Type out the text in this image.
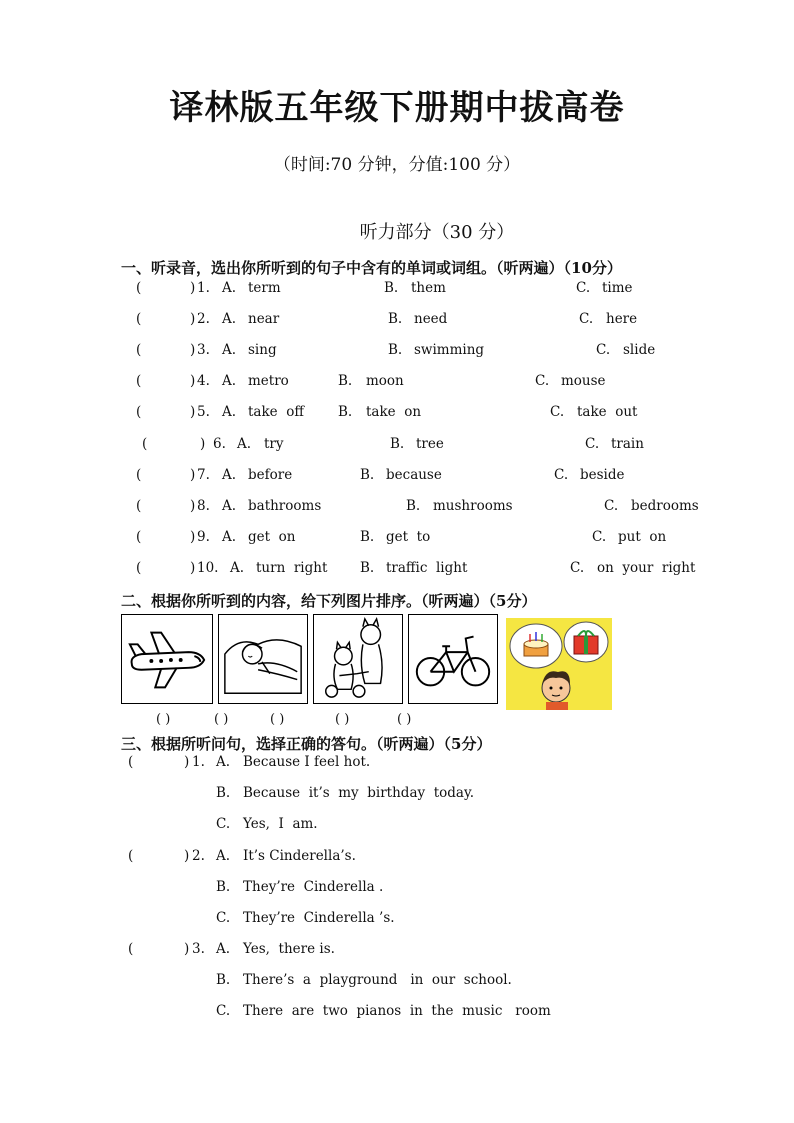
译林版五年级下册期中拔高卷
（时间:70 分钟，分值:100 分）
听力部分（30 分）
一、听录音，选出你所听到的句子中含有的单词或词组。（听两遍）（10分）
(	) 1. A. term	B. them	C. time
(	) 2. A. near	B. need	C. here
(	) 3. A. sing	B. swimming	C. slide
(	) 4. A. metro	B. moon	C. mouse
(	) 5. A. take  off	B. take  on	C. take  out
(	) 6. A. try	B. tree	C. train
(	) 7. A. before	B. because	C. beside
(	) 8. A. bathrooms	B. mushrooms	C. bedrooms
(	) 9. A. get  on	B. get  to	C. put  on
(	) 10. A. turn  right B. traffic  light	C. on  your  right
二、根据你所听到的内容，给下列图片排序。（听两遍）（5分）
( )	( )	( )	( )	( )
三、根据所听问句，选择正确的答句。（听两遍）（5分）
(	) 1. A. Because I feel hot.
B. Because  it’s  my  birthday  today.
C. Yes,  I  am.
(	) 2. A. It’s Cinderella’s.
B. They’re  Cinderella .
C. They’re  Cinderella ’s.
(	) 3. A. Yes,  there is.
B. There’s  a  playground   in  our  school.
C. There  are  two  pianos  in  the  music   room
